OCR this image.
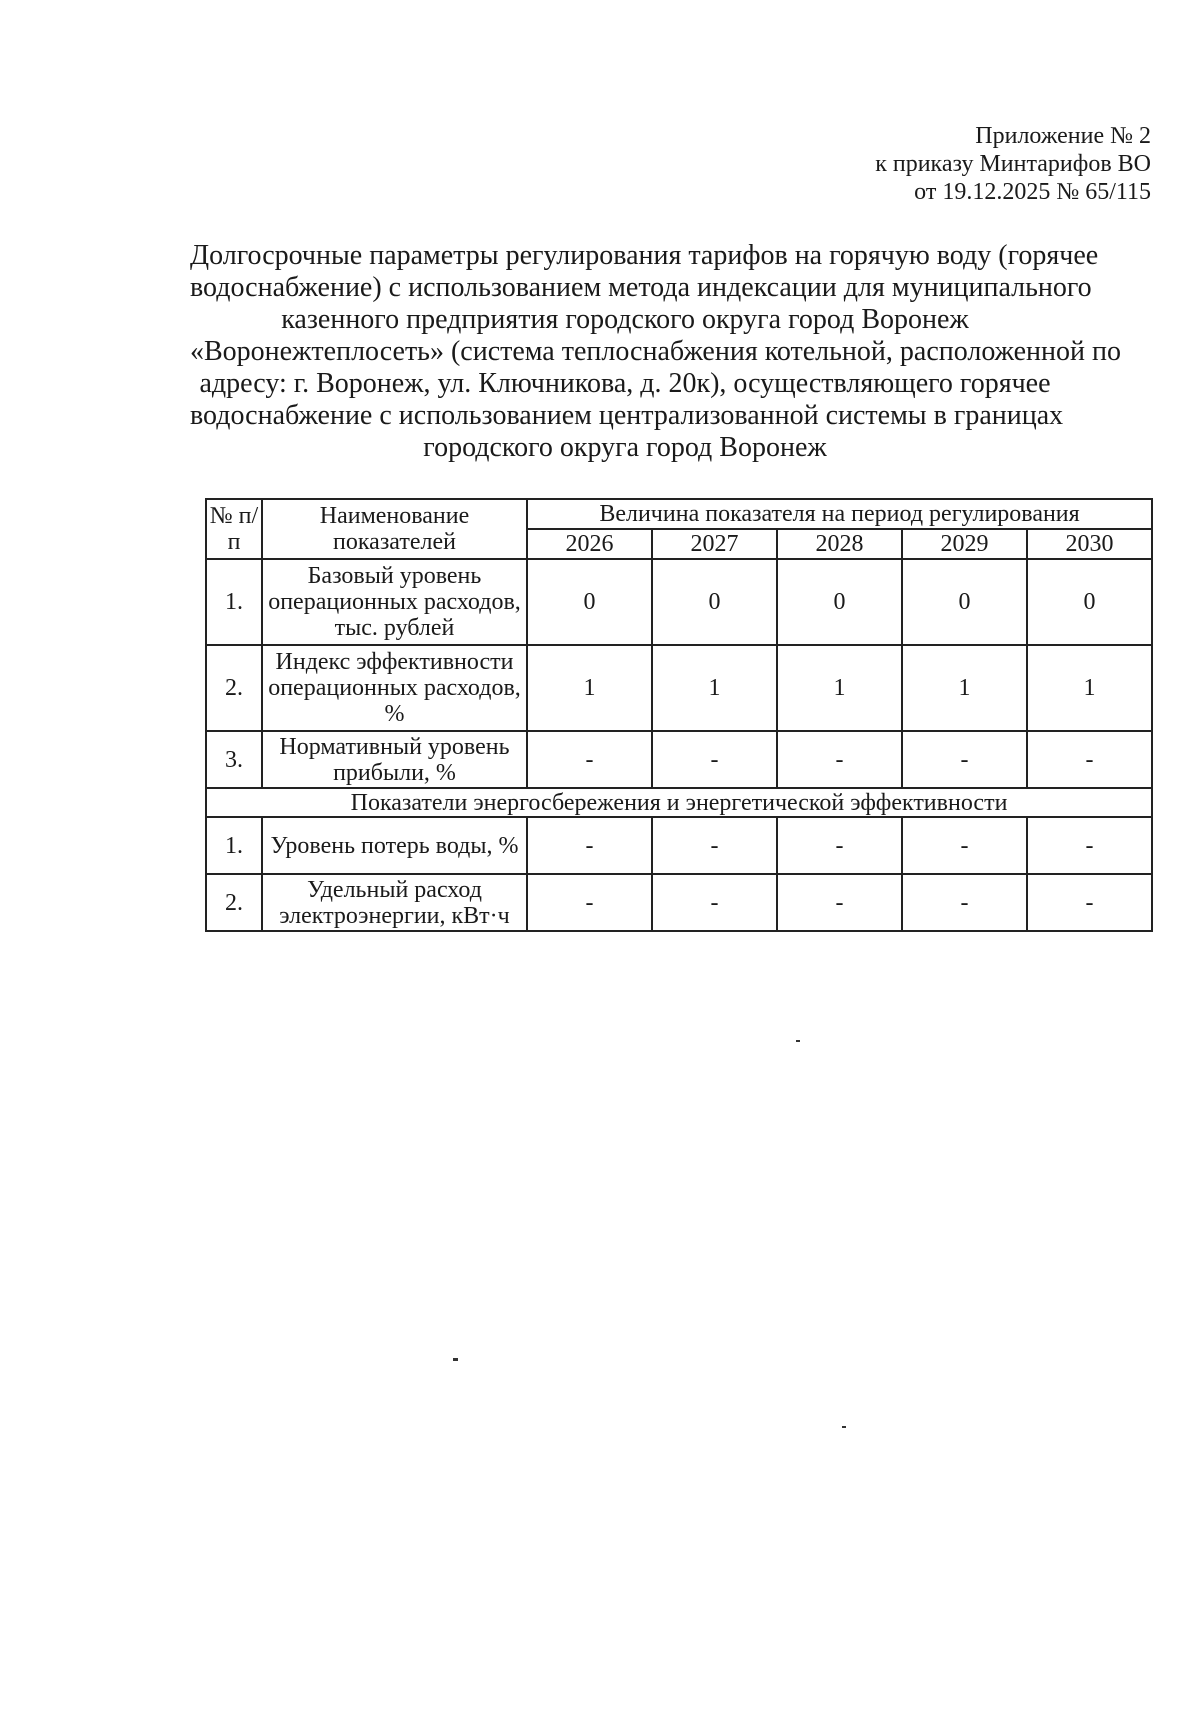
Приложение № 2
к приказу Минтарифов ВО
от 19.12.2025 № 65/115
Долгосрочные параметры регулирования тарифов на горячую воду (горячее
водоснабжение) с использованием метода индексации для муниципального
казенного предприятия городского округа город Воронеж
«Воронежтеплосеть» (система теплоснабжения котельной, расположенной по
адресу: г. Воронеж, ул. Ключникова, д. 20к), осуществляющего горячее
водоснабжение с использованием централизованной системы в границах
городского округа город Воронеж
№ п/п	Наименование показателей	Величина показателя на период регулирования				
		2026	2027	2028	2029	2030
1.	Базовый уровень операционных расходов, тыс. рублей	0	0	0	0	0
2.	Индекс эффективности операционных расходов, %	1	1	1	1	1
3.	Нормативный уровень прибыли, %	-	-	-	-	-
Показатели энергосбережения и энергетической эффективности						
1.	Уровень потерь воды, %	-	-	-	-	-
2.	Удельный расход электроэнергии, кВт·ч	-	-	-	-	-
